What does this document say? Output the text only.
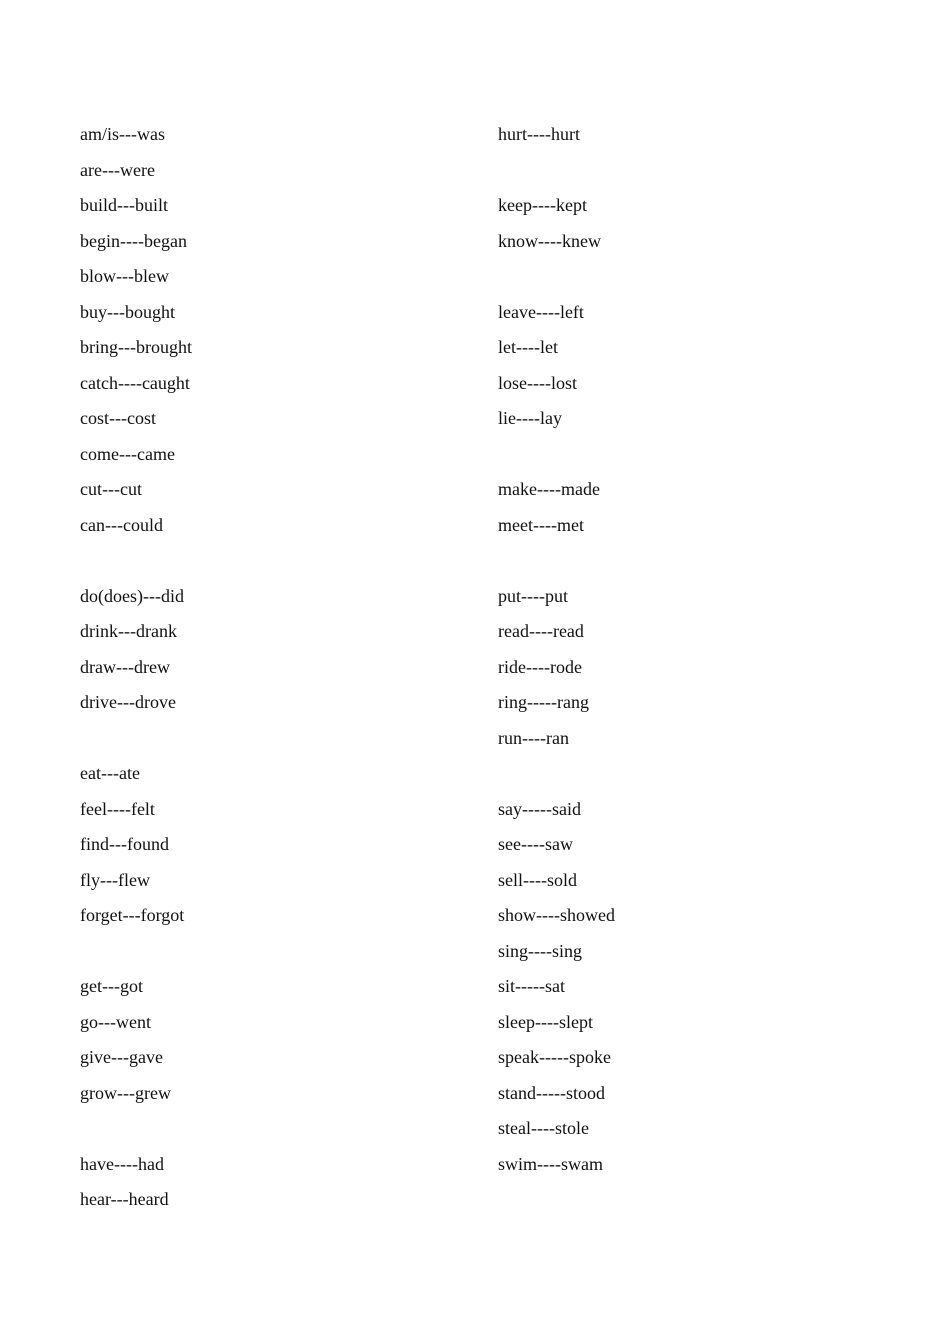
am/is---was
are---were
build---built
begin----began
blow---blew
buy---bought
bring---brought
catch----caught
cost---cost
come---came
cut---cut
can---could
do(does)---did
drink---drank
draw---drew
drive---drove
eat---ate
feel----felt
find---found
fly---flew
forget---forgot
get---got
go---went
give---gave
grow---grew
have----had
hear---heard
hurt----hurt
keep----kept
know----knew
leave----left
let----let
lose----lost
lie----lay
make----made
meet----met
put----put
read----read
ride----rode
ring-----rang
run----ran
say-----said
see----saw
sell----sold
show----showed
sing----sing
sit-----sat
sleep----slept
speak-----spoke
stand-----stood
steal----stole
swim----swam
